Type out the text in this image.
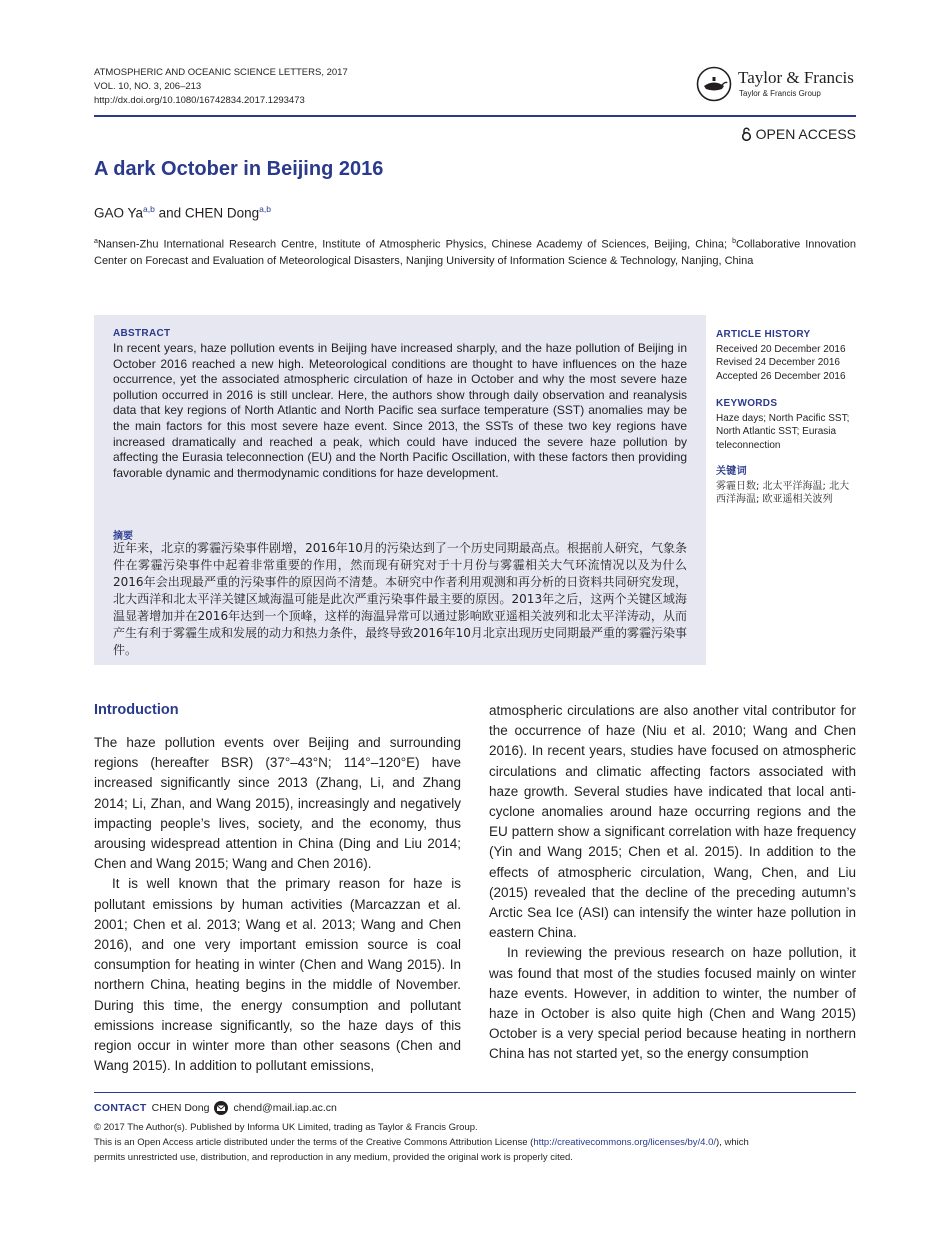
ATMOSPHERIC AND OCEANIC SCIENCE LETTERS, 2017
VOL. 10, NO. 3, 206–213
http://dx.doi.org/10.1080/16742834.2017.1293473
Taylor & Francis
Taylor & Francis Group
OPEN ACCESS
A dark October in Beijing 2016
GAO Ya$^{a,b}$ and CHEN Dong$^{a,b}$
$^a$Nansen-Zhu International Research Centre, Institute of Atmospheric Physics, Chinese Academy of Sciences, Beijing, China; $^b$Collaborative Innovation Center on Forecast and Evaluation of Meteorological Disasters, Nanjing University of Information Science & Technology, Nanjing, China
ABSTRACT
In recent years, haze pollution events in Beijing have increased sharply, and the haze pollution of Beijing in October 2016 reached a new high. Meteorological conditions are thought to have influences on the haze occurrence, yet the associated atmospheric circulation of haze in October and why the most severe haze pollution occurred in 2016 is still unclear. Here, the authors show through daily observation and reanalysis data that key regions of North Atlantic and North Pacific sea surface temperature (SST) anomalies may be the main factors for this most severe haze event. Since 2013, the SSTs of these two key regions have increased dramatically and reached a peak, which could have induced the severe haze pollution by affecting the Eurasia teleconnection (EU) and the North Pacific Oscillation, with these factors then providing favorable dynamic and thermodynamic conditions for haze development.
摘要
近年来，北京的雾霾污染事件剧增，2016年10月的污染达到了一个历史同期最高点。根据前人研究，气象条件在雾霾污染事件中起着非常重要的作用，然而现有研究对于十月份与雾霾相关大气环流情况以及为什么2016年会出现最严重的污染事件的原因尚不清楚。本研究中作者利用观测和再分析的日资料共同研究发现，北大西洋和北太平洋关键区域海温可能是此次严重污染事件最主要的原因。2013年之后，这两个关键区域海温显著增加并在2016年达到一个顶峰，这样的海温异常可以通过影响欧亚遥相关波列和北太平洋涛动，从而产生有利于雾霾生成和发展的动力和热力条件，最终导致2016年10月北京出现历史同期最严重的雾霾污染事件。
ARTICLE HISTORY
Received 20 December 2016
Revised 24 December 2016
Accepted 26 December 2016
KEYWORDS
Haze days; North Pacific SST; North Atlantic SST; Eurasia teleconnection
关键词
雾霾日数; 北太平洋海温; 北大西洋海温; 欧亚遥相关波列
Introduction

The haze pollution events over Beijing and surrounding regions (hereafter BSR) (37°–43°N; 114°–120°E) have increased significantly since 2013 (Zhang, Li, and Zhang 2014; Li, Zhan, and Wang 2015), increasingly and negatively impacting people’s lives, society, and the economy, thus arousing widespread attention in China (Ding and Liu 2014; Chen and Wang 2015; Wang and Chen 2016).

It is well known that the primary reason for haze is pollutant emissions by human activities (Marcazzan et al. 2001; Chen et al. 2013; Wang et al. 2013; Wang and Chen 2016), and one very important emission source is coal consumption for heating in winter (Chen and Wang 2015). In northern China, heating begins in the middle of November. During this time, the energy consumption and pollutant emissions increase significantly, so the haze days of this region occur in winter more than other seasons (Chen and Wang 2015). In addition to pollutant emissions,

atmospheric circulations are also another vital contributor for the occurrence of haze (Niu et al. 2010; Wang and Chen 2016). In recent years, studies have focused on atmospheric circulations and climatic affecting factors associated with haze growth. Several studies have indicated that local anti-cyclone anomalies around haze occurring regions and the EU pattern show a significant correlation with haze frequency (Yin and Wang 2015; Chen et al. 2015). In addition to the effects of atmospheric circulation, Wang, Chen, and Liu (2015) revealed that the decline of the preceding autumn’s Arctic Sea Ice (ASI) can intensify the winter haze pollution in eastern China.

In reviewing the previous research on haze pollution, it was found that most of the studies focused mainly on winter haze events. However, in addition to winter, the number of haze in October is also quite high (Chen and Wang 2015) October is a very special period because heating in northern China has not started yet, so the energy consumption

CONTACT CHEN Dong chend@mail.iap.ac.cn
© 2017 The Author(s). Published by Informa UK Limited, trading as Taylor & Francis Group.
This is an Open Access article distributed under the terms of the Creative Commons Attribution License (http://creativecommons.org/licenses/by/4.0/), which
permits unrestricted use, distribution, and reproduction in any medium, provided the original work is properly cited.
